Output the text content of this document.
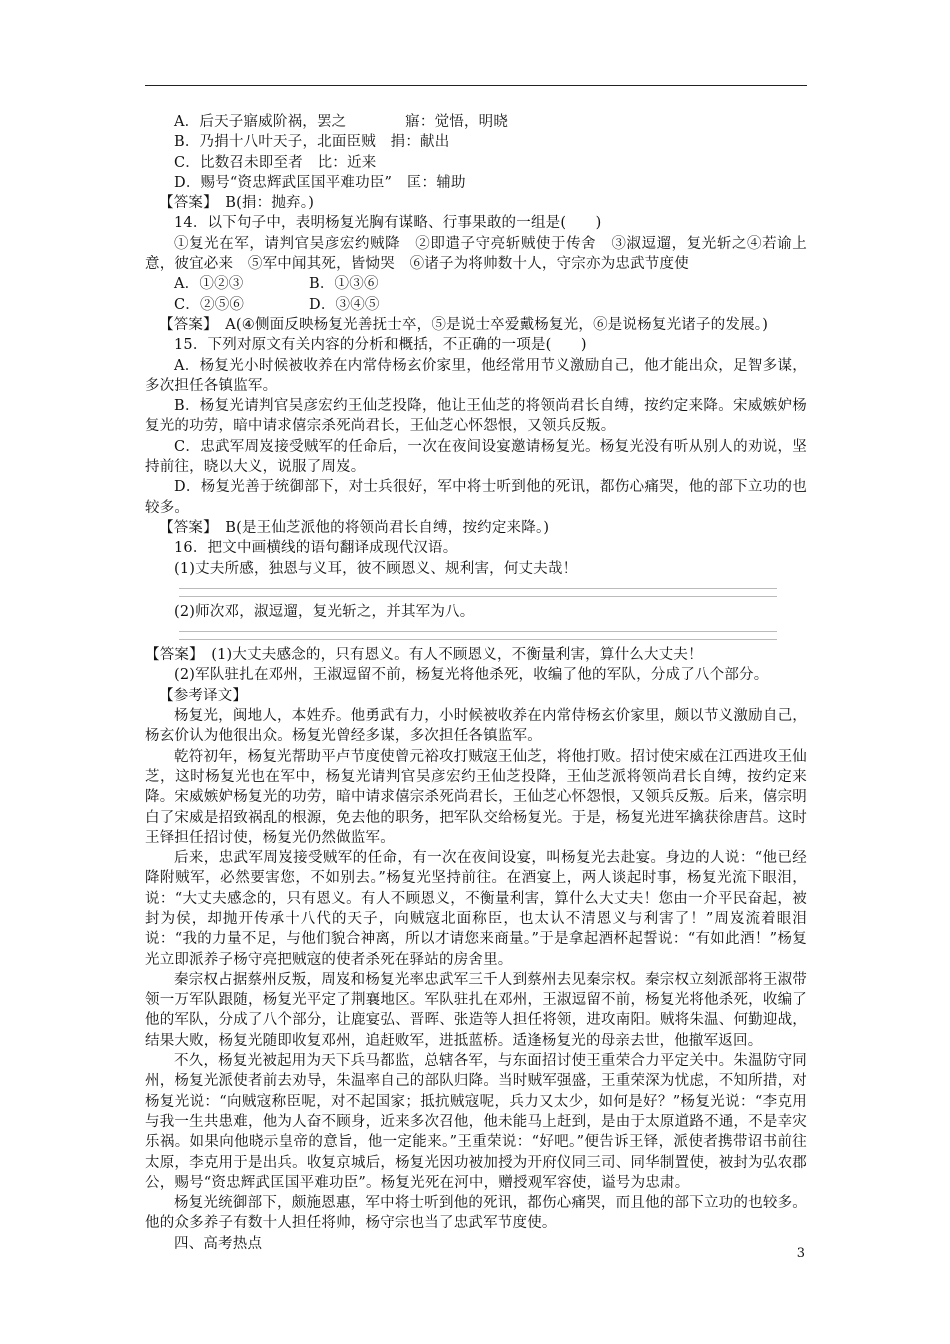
A．后天子寤威阶祸，罢之　　　　寤：觉悟，明晓

B．乃捐十八叶天子，北面臣贼　捐：献出

C．比数召未即至者　比：近来

D．赐号“资忠辉武匡国平难功臣”　匡：辅助

【答案】　B(捐：抛弃。)

14．以下句子中，表明杨复光胸有谋略、行事果敢的一组是(　　)

①复光在军，请判官吴彦宏约贼降　②即遣子守亮斩贼使于传舍　③淑逗遛，复光斩之④若谕上意，彼宜必来　⑤军中闻其死，皆恸哭　⑥诸子为将帅数十人，守宗亦为忠武节度使

A．①②③	B．①③⑥
C．②⑤⑥	D．③④⑤

【答案】　A(④侧面反映杨复光善抚士卒，⑤是说士卒爱戴杨复光，⑥是说杨复光诸子的发展。)

15．下列对原文有关内容的分析和概括，不正确的一项是(　　)

A．杨复光小时候被收养在内常侍杨玄价家里，他经常用节义激励自己，他才能出众，足智多谋，多次担任各镇监军。

B．杨复光请判官吴彦宏约王仙芝投降，他让王仙芝的将领尚君长自缚，按约定来降。宋威嫉妒杨复光的功劳，暗中请求僖宗杀死尚君长，王仙芝心怀怨恨，又领兵反叛。

C．忠武军周岌接受贼军的任命后，一次在夜间设宴邀请杨复光。杨复光没有听从别人的劝说，坚持前往，晓以大义，说服了周岌。

D．杨复光善于统御部下，对士兵很好，军中将士听到他的死讯，都伤心痛哭，他的部下立功的也较多。

【答案】　B(是王仙芝派他的将领尚君长自缚，按约定来降。)

16．把文中画横线的语句翻译成现代汉语。

(1)丈夫所感，独恩与义耳，彼不顾恩义、规利害，何丈夫哉！

(2)师次邓，淑逗遛，复光斩之，并其军为八。

【答案】　(1)大丈夫感念的，只有恩义。有人不顾恩义，不衡量利害，算什么大丈夫！

(2)军队驻扎在邓州，王淑逗留不前，杨复光将他杀死，收编了他的军队，分成了八个部分。

【参考译文】

杨复光，闽地人，本姓乔。他勇武有力，小时候被收养在内常侍杨玄价家里，颇以节义激励自己，杨玄价认为他很出众。杨复光曾经多谋，多次担任各镇监军。

乾符初年，杨复光帮助平卢节度使曾元裕攻打贼寇王仙芝，将他打败。招讨使宋威在江西进攻王仙芝，这时杨复光也在军中，杨复光请判官吴彦宏约王仙芝投降，王仙芝派将领尚君长自缚，按约定来降。宋威嫉妒杨复光的功劳，暗中请求僖宗杀死尚君长，王仙芝心怀怨恨，又领兵反叛。后来，僖宗明白了宋威是招致祸乱的根源，免去他的职务，把军队交给杨复光。于是，杨复光进军擒获徐唐莒。这时王铎担任招讨使，杨复光仍然做监军。

后来，忠武军周岌接受贼军的任命，有一次在夜间设宴，叫杨复光去赴宴。身边的人说：“他已经降附贼军，必然要害您，不如别去。”杨复光坚持前往。在酒宴上，两人谈起时事，杨复光流下眼泪，说：“大丈夫感念的，只有恩义。有人不顾恩义，不衡量利害，算什么大丈夫！您由一介平民奋起，被封为侯，却抛开传承十八代的天子，向贼寇北面称臣，也太认不清恩义与利害了！”周岌流着眼泪说：“我的力量不足，与他们貌合神离，所以才请您来商量。”于是拿起酒杯起誓说：“有如此酒！”杨复光立即派养子杨守亮把贼寇的使者杀死在驿站的房舍里。

秦宗权占据蔡州反叛，周岌和杨复光率忠武军三千人到蔡州去见秦宗权。秦宗权立刻派部将王淑带领一万军队跟随，杨复光平定了荆襄地区。军队驻扎在邓州，王淑逗留不前，杨复光将他杀死，收编了他的军队，分成了八个部分，让鹿宴弘、晋晖、张造等人担任将领，进攻南阳。贼将朱温、何勤迎战，结果大败，杨复光随即收复邓州，追赶败军，进抵蓝桥。适逢杨复光的母亲去世，他撤军返回。

不久，杨复光被起用为天下兵马都监，总辖各军，与东面招讨使王重荣合力平定关中。朱温防守同州，杨复光派使者前去劝导，朱温率自己的部队归降。当时贼军强盛，王重荣深为忧虑，不知所措，对杨复光说：“向贼寇称臣呢，对不起国家；抵抗贼寇呢，兵力又太少，如何是好？”杨复光说：“李克用与我一生共患难，他为人奋不顾身，近来多次召他，他未能马上赶到，是由于太原道路不通，不是幸灾乐祸。如果向他晓示皇帝的意旨，他一定能来。”王重荣说：“好吧。”便告诉王铎，派使者携带诏书前往太原，李克用于是出兵。收复京城后，杨复光因功被加授为开府仪同三司、同华制置使，被封为弘农郡公，赐号“资忠辉武匡国平难功臣”。杨复光死在河中，赠授观军容使，谥号为忠肃。

杨复光统御部下，颇施恩惠，军中将士听到他的死讯，都伤心痛哭，而且他的部下立功的也较多。他的众多养子有数十人担任将帅，杨守宗也当了忠武军节度使。

四、高考热点

3
